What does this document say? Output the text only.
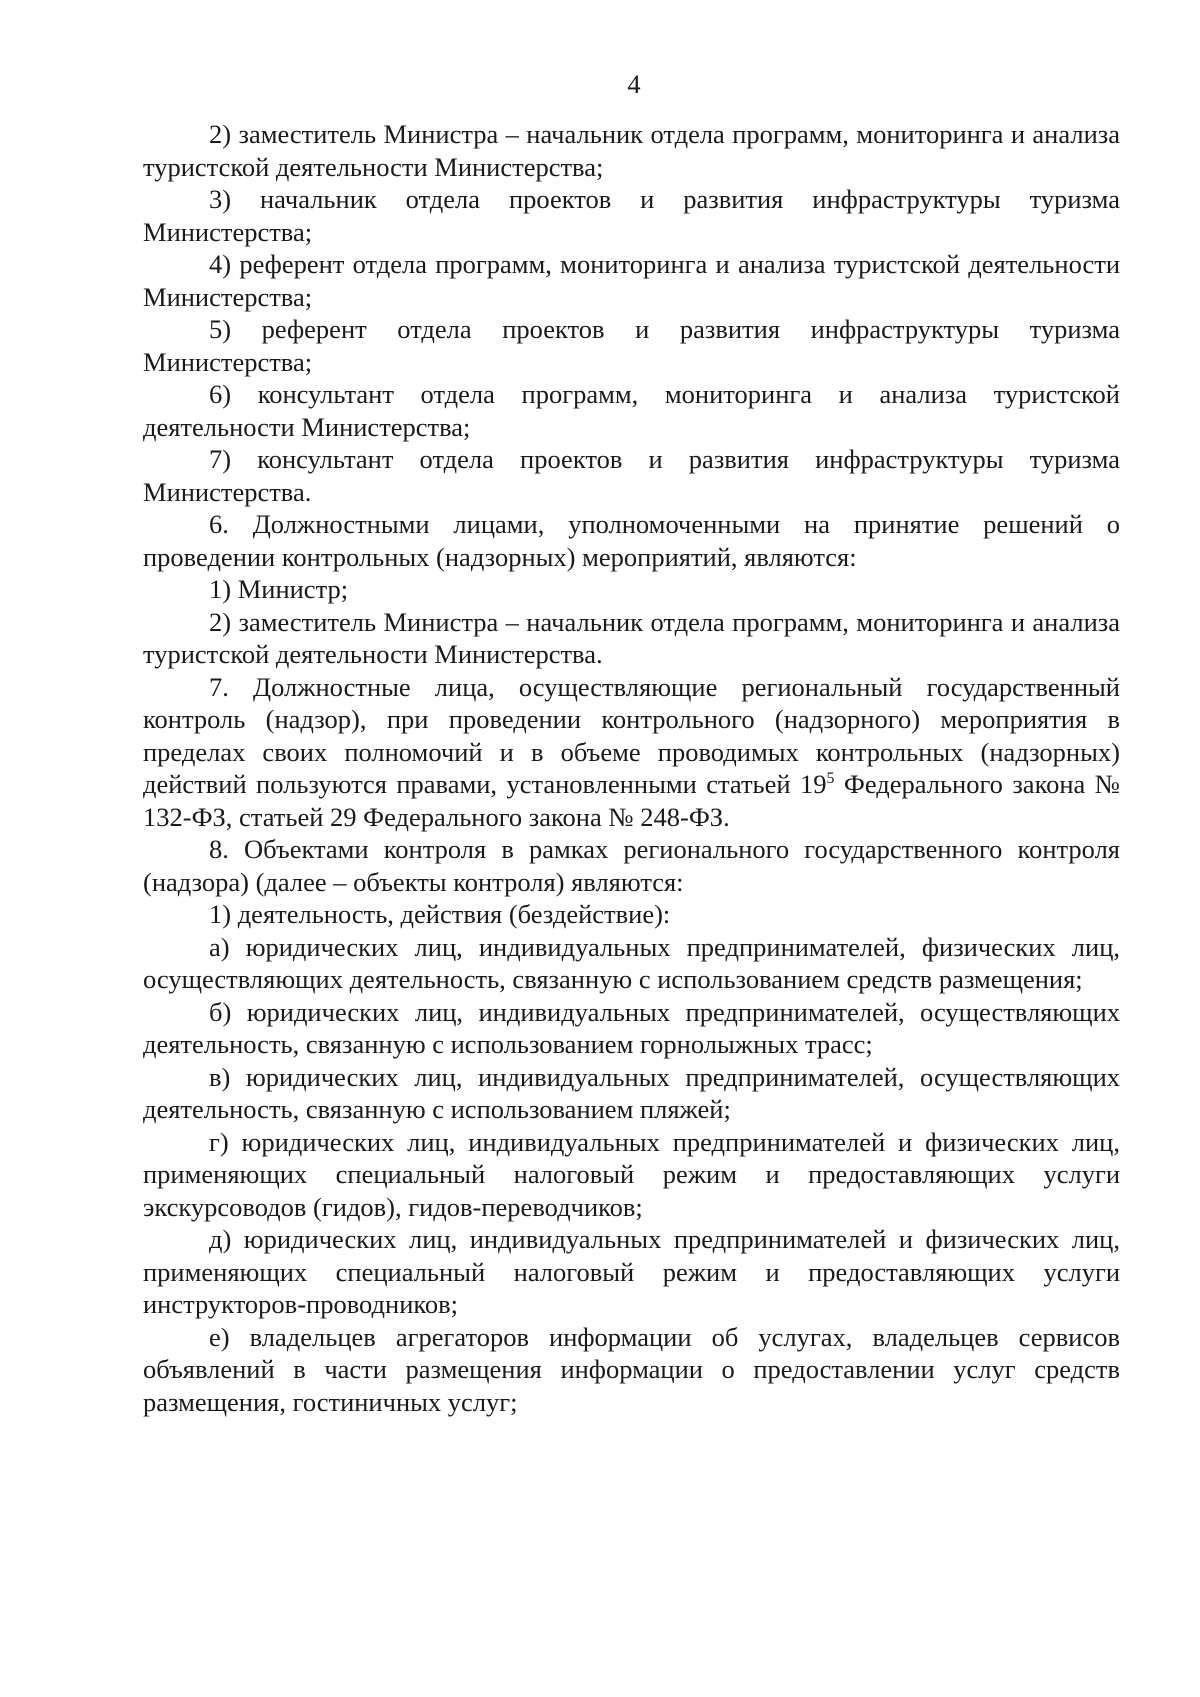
4

2) заместитель Министра – начальник отдела программ, мониторинга и анализа туристской деятельности Министерства;

3) начальник отдела проектов и развития инфраструктуры туризма Министерства;

4) референт отдела программ, мониторинга и анализа туристской деятельности Министерства;

5) референт отдела проектов и развития инфраструктуры туризма Министерства;

6) консультант отдела программ, мониторинга и анализа туристской деятельности Министерства;

7) консультант отдела проектов и развития инфраструктуры туризма Министерства.

6. Должностными лицами, уполномоченными на принятие решений о проведении контрольных (надзорных) мероприятий, являются:

1) Министр;

2) заместитель Министра – начальник отдела программ, мониторинга и анализа туристской деятельности Министерства.

7. Должностные лица, осуществляющие региональный государственный контроль (надзор), при проведении контрольного (надзорного) мероприятия в пределах своих полномочий и в объеме проводимых контрольных (надзорных) действий пользуются правами, установленными статьей $19^5$ Федерального закона № 132-ФЗ, статьей 29 Федерального закона № 248-ФЗ.

8. Объектами контроля в рамках регионального государственного контроля (надзора) (далее – объекты контроля) являются:

1) деятельность, действия (бездействие):

а) юридических лиц, индивидуальных предпринимателей, физических лиц, осуществляющих деятельность, связанную с использованием средств размещения;

б) юридических лиц, индивидуальных предпринимателей, осуществляющих деятельность, связанную с использованием горнолыжных трасс;

в) юридических лиц, индивидуальных предпринимателей, осуществляющих деятельность, связанную с использованием пляжей;

г) юридических лиц, индивидуальных предпринимателей и физических лиц, применяющих специальный налоговый режим и предоставляющих услуги экскурсоводов (гидов), гидов-переводчиков;

д) юридических лиц, индивидуальных предпринимателей и физических лиц, применяющих специальный налоговый режим и предоставляющих услуги инструкторов-проводников;

е) владельцев агрегаторов информации об услугах, владельцев сервисов объявлений в части размещения информации о предоставлении услуг средств размещения, гостиничных услуг;
